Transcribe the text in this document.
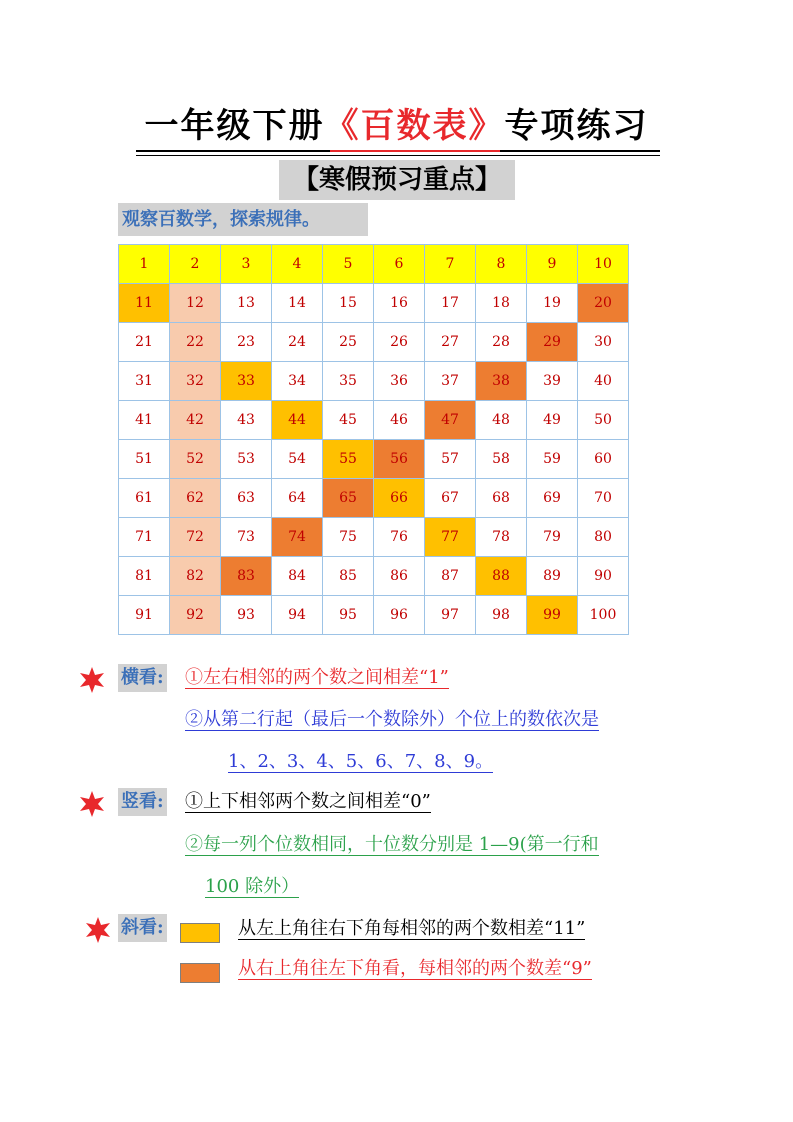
一年级下册《百数表》专项练习
【寒假预习重点】
观察百数学，探索规律。
1	2	3	4	5	6	7	8	9	10
11	12	13	14	15	16	17	18	19	20
21	22	23	24	25	26	27	28	29	30
31	32	33	34	35	36	37	38	39	40
41	42	43	44	45	46	47	48	49	50
51	52	53	54	55	56	57	58	59	60
61	62	63	64	65	66	67	68	69	70
71	72	73	74	75	76	77	78	79	80
81	82	83	84	85	86	87	88	89	90
91	92	93	94	95	96	97	98	99	100
横看: ①左右相邻的两个数之间相差“1”
②从第二行起（最后一个数除外）个位上的数依次是
1、2、3、4、5、6、7、8、9。
竖看: ①上下相邻两个数之间相差“0”
②每一列个位数相同，十位数分别是 1—9(第一行和
100 除外）
斜看:	从左上角往右下角每相邻的两个数相差“11”
从右上角往左下角看，每相邻的两个数差“9”
